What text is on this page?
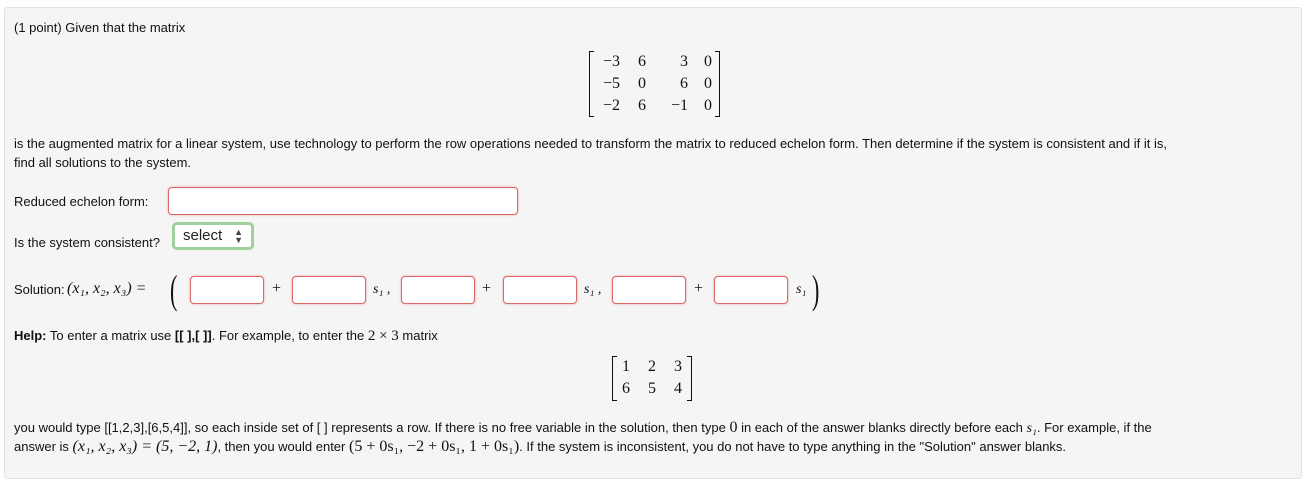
(1 point) Given that the matrix
−3	6	3	0
−5	0	6	0
−2	6	−1	0
is the augmented matrix for a linear system, use technology to perform the row operations needed to transform the matrix to reduced echelon form. Then determine if the system is consistent and if it is,
find all solutions to the system.
Reduced echelon form:
Is the system consistent?	select ▲
▼
Solution: (x₁, x₂, x₃) = (	+	s₁ ,	+	s₁ ,	+	s₁ )
Help: To enter a matrix use [[ ],[ ]]. For example, to enter the 2 × 3 matrix
1	2	3
6	5	4
you would type [[1,2,3],[6,5,4]], so each inside set of [ ] represents a row. If there is no free variable in the solution, then type 0 in each of the answer blanks directly before each s₁. For example, if the
answer is (x₁, x₂, x₃) = (5, −2, 1), then you would enter (5 + 0s₁, −2 + 0s₁, 1 + 0s₁). If the system is inconsistent, you do not have to type anything in the "Solution" answer blanks.
